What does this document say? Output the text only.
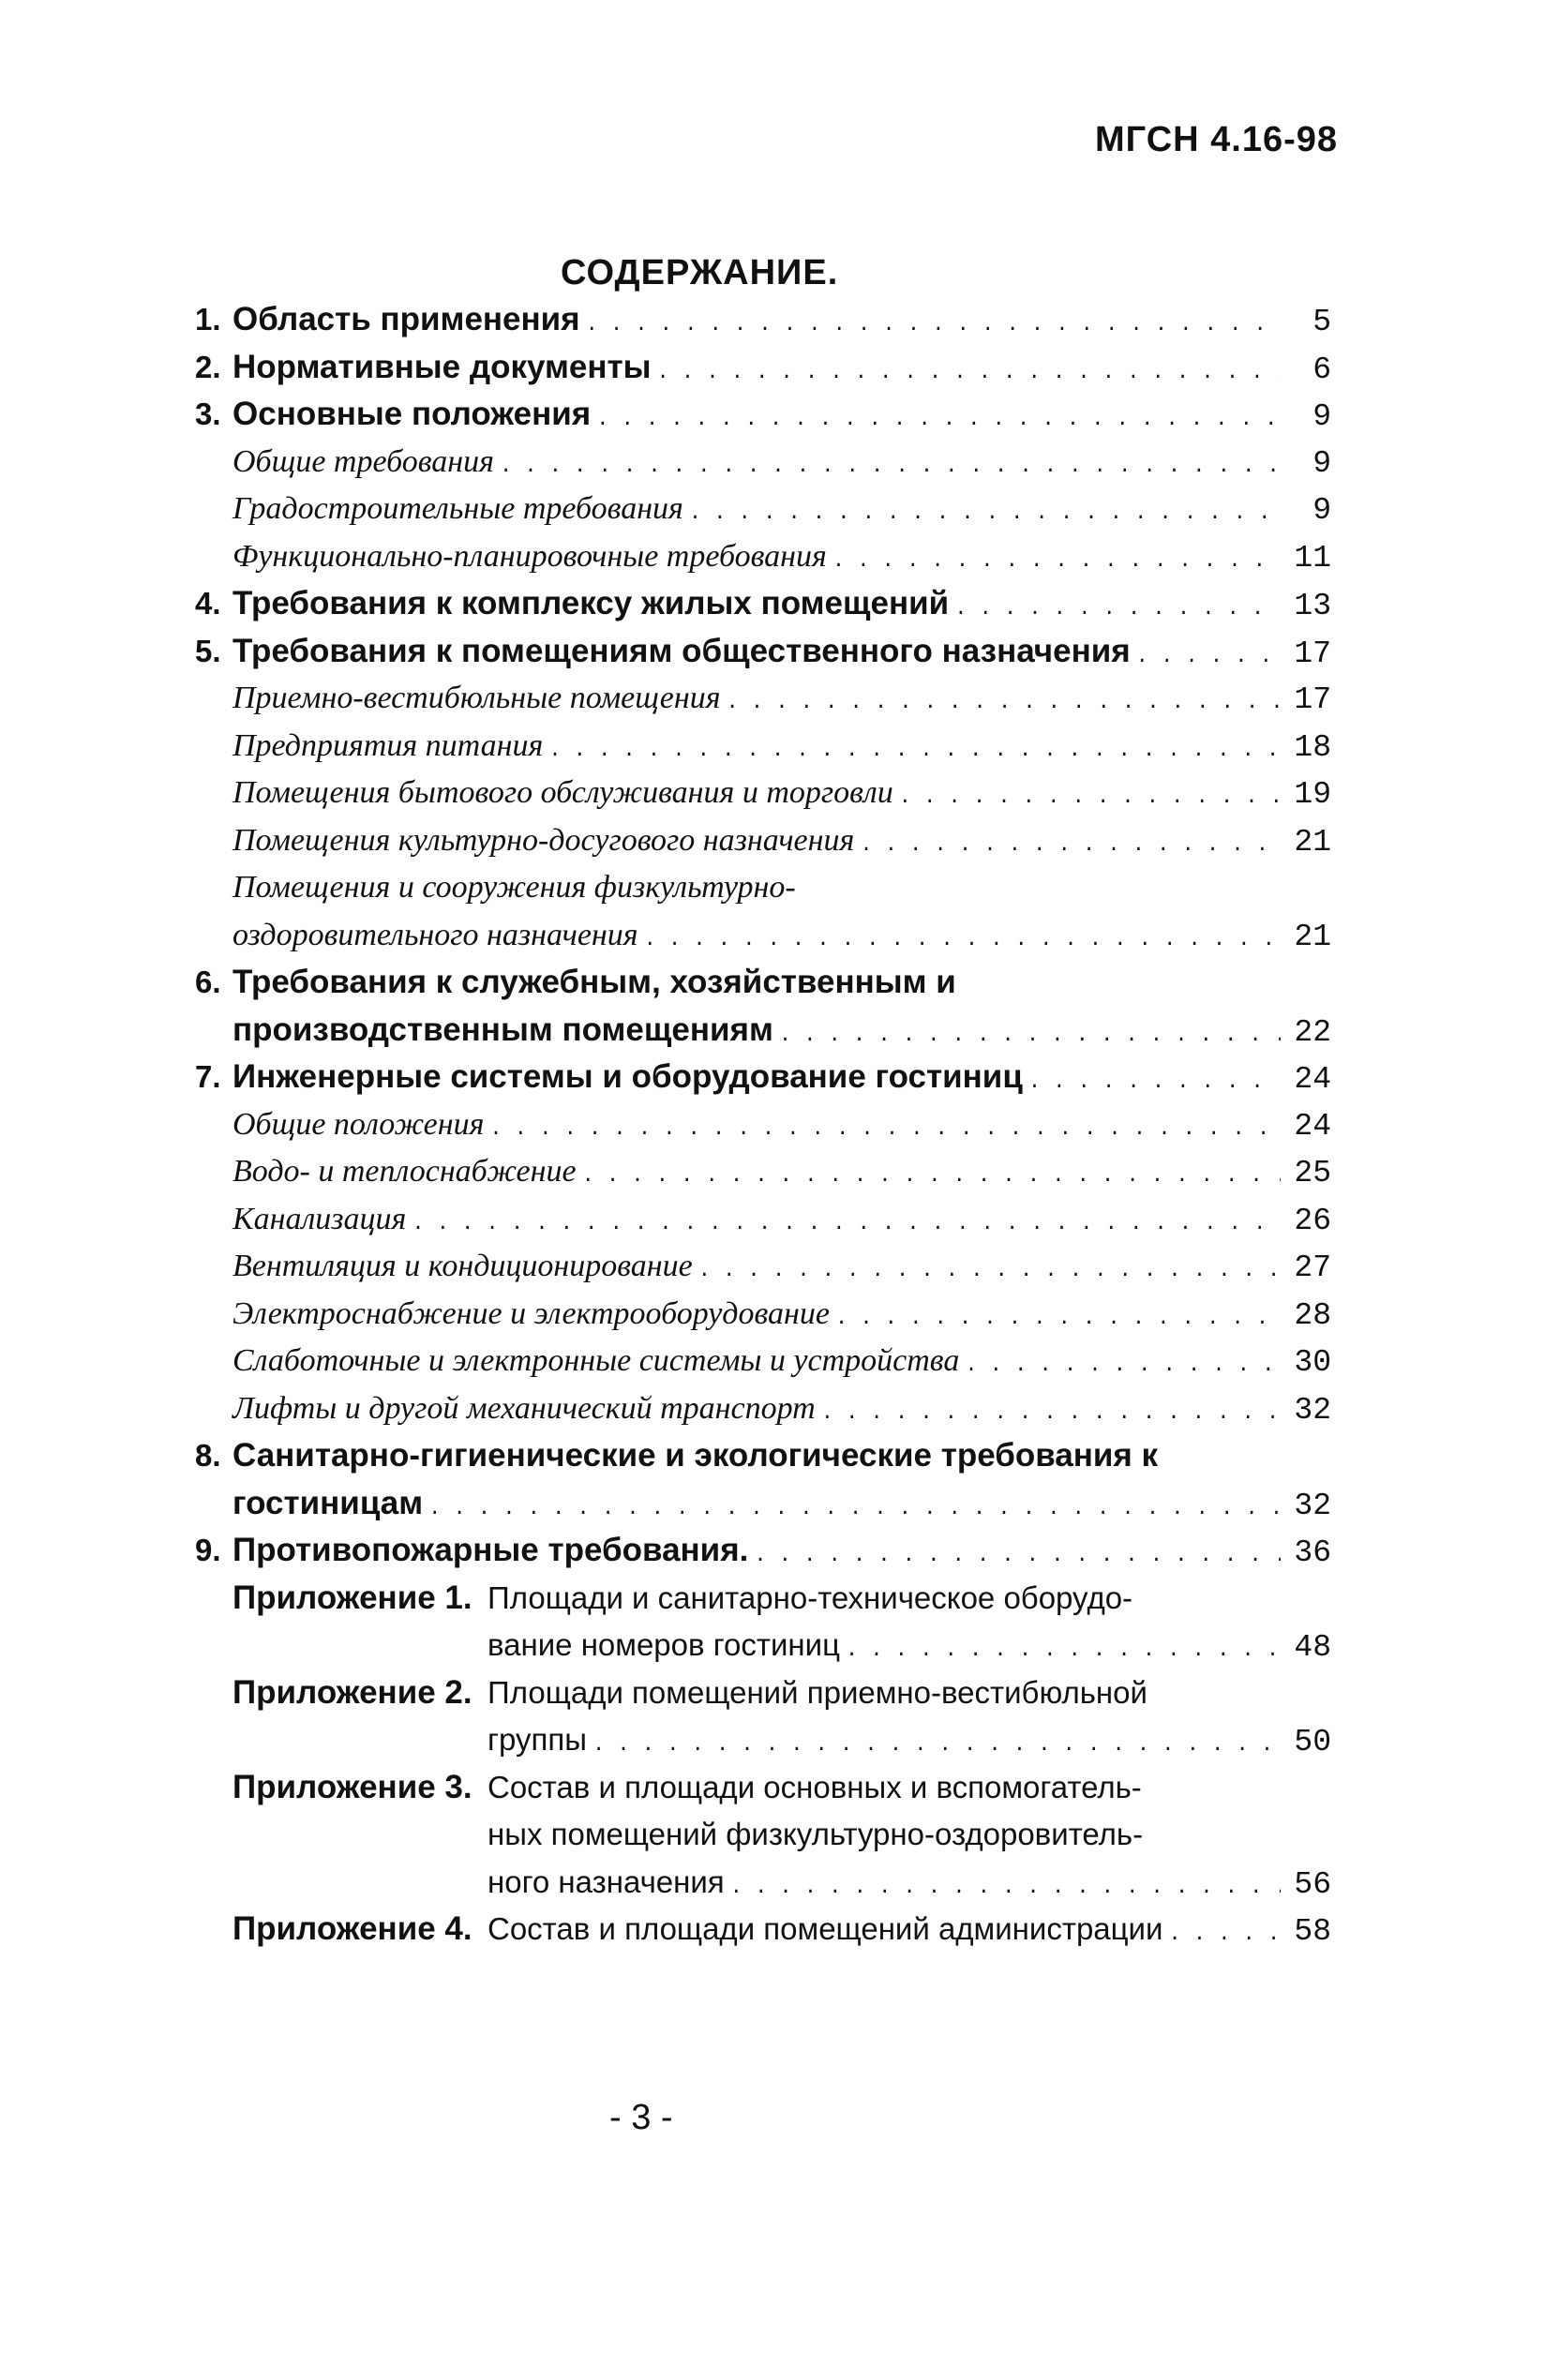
МГСН 4.16-98
СОДЕРЖАНИЕ.
1. Область применения . . .	5
2. Нормативные документы . . .	6
3. Основные положения . . .	9
Общие требования . . .	9
Градостроительные требования . . .	9
Функционально-планировочные требования . . .	11
4. Требования к комплексу жилых помещений . . .	13
5. Требования к помещениям общественного назначения . . .	17
Приемно-вестибюльные помещения . . .	17
Предприятия питания . . .	18
Помещения бытового обслуживания и торговли . . .	19
Помещения культурно-досугового назначения . . .	21
Помещения и сооружения физкультурно-
оздоровительного назначения . . .	21
6. Требования к служебным, хозяйственным и
производственным помещениям . . .	22
7. Инженерные системы и оборудование гостиниц . . .	24
Общие положения . . .	24
Водо- и теплоснабжение . . .	25
Канализация . . .	26
Вентиляция и кондиционирование . . .	27
Электроснабжение и электрооборудование . . .	28
Слаботочные и электронные системы и устройства . . .	30
Лифты и другой механический транспорт . . .	32
8. Санитарно-гигиенические и экологические требования к
гостиницам . . .	32
9. Противопожарные требования. . . .	36
Приложение 1. Площади и санитарно-техническое оборудо-
вание номеров гостиниц . . .	48
Приложение 2. Площади помещений приемно-вестибюльной
группы . . .	50
Приложение 3. Состав и площади основных и вспомогатель-
ных помещений физкультурно-оздоровитель-
ного назначения . . .	56
Приложение 4. Состав и площади помещений администрации . . .	58
- 3 -
